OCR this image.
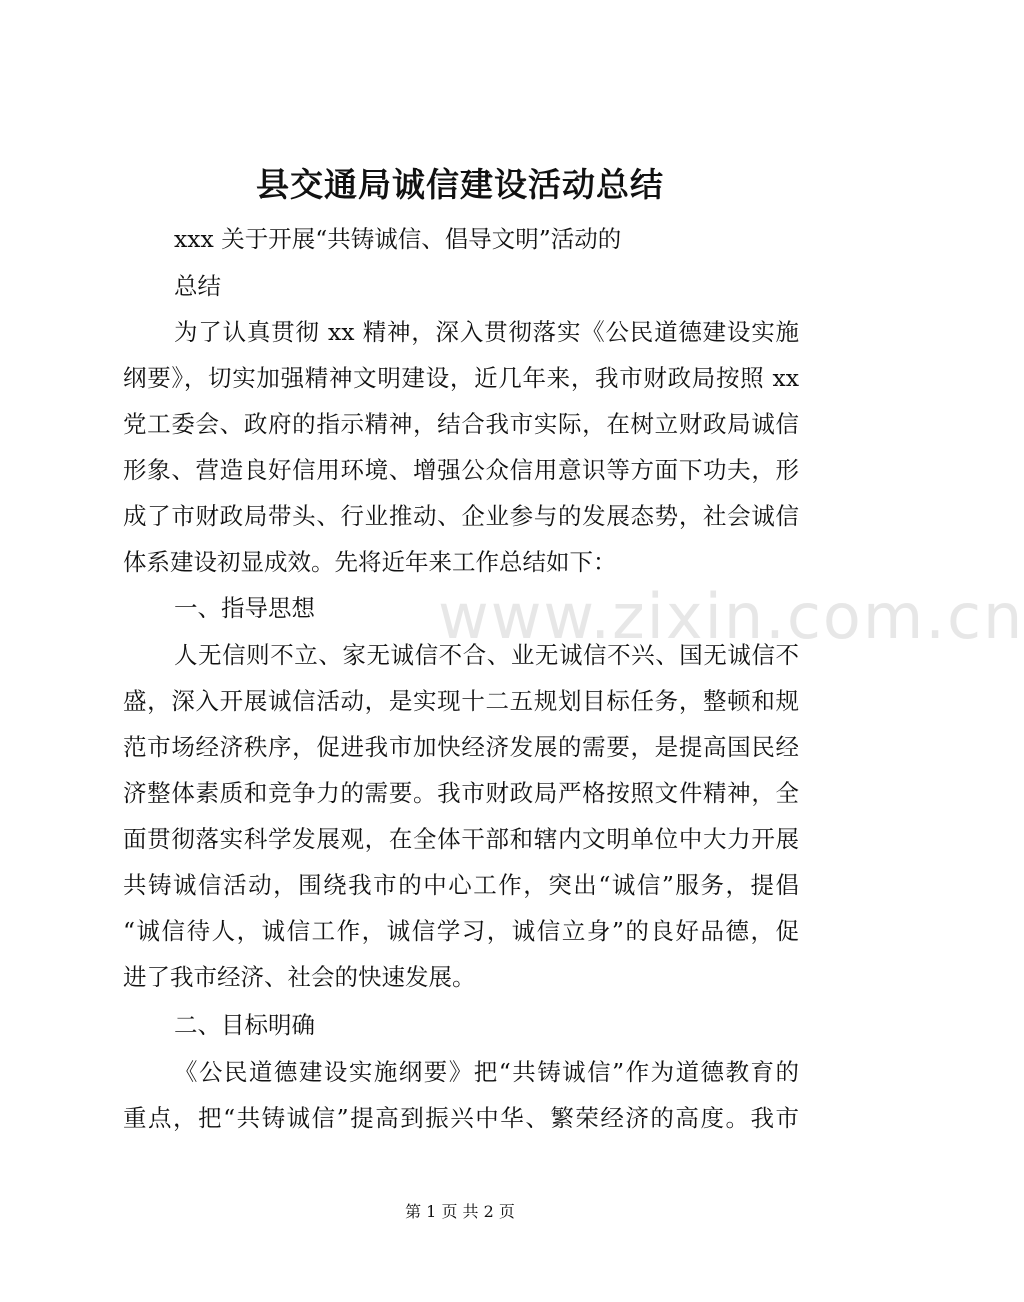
县交通局诚信建设活动总结
xxx 关于开展“共铸诚信、倡导文明”活动的
总结
为了认真贯彻 xx 精神，深入贯彻落实《公民道德建设实施
纲要》，切实加强精神文明建设，近几年来，我市财政局按照 xx
党工委会、政府的指示精神，结合我市实际，在树立财政局诚信
形象、营造良好信用环境、增强公众信用意识等方面下功夫，形
成了市财政局带头、行业推动、企业参与的发展态势，社会诚信
体系建设初显成效。先将近年来工作总结如下：
一、指导思想
人无信则不立、家无诚信不合、业无诚信不兴、国无诚信不
盛，深入开展诚信活动，是实现十二五规划目标任务，整顿和规
范市场经济秩序，促进我市加快经济发展的需要，是提高国民经
济整体素质和竞争力的需要。我市财政局严格按照文件精神，全
面贯彻落实科学发展观，在全体干部和辖内文明单位中大力开展
共铸诚信活动，围绕我市的中心工作，突出“诚信”服务，提倡
“诚信待人，诚信工作，诚信学习，诚信立身”的良好品德，促
进了我市经济、社会的快速发展。
二、目标明确
《公民道德建设实施纲要》把“共铸诚信”作为道德教育的
重点，把“共铸诚信”提高到振兴中华、繁荣经济的高度。我市
www.zixin.com.cn
第 1 页 共 2 页
